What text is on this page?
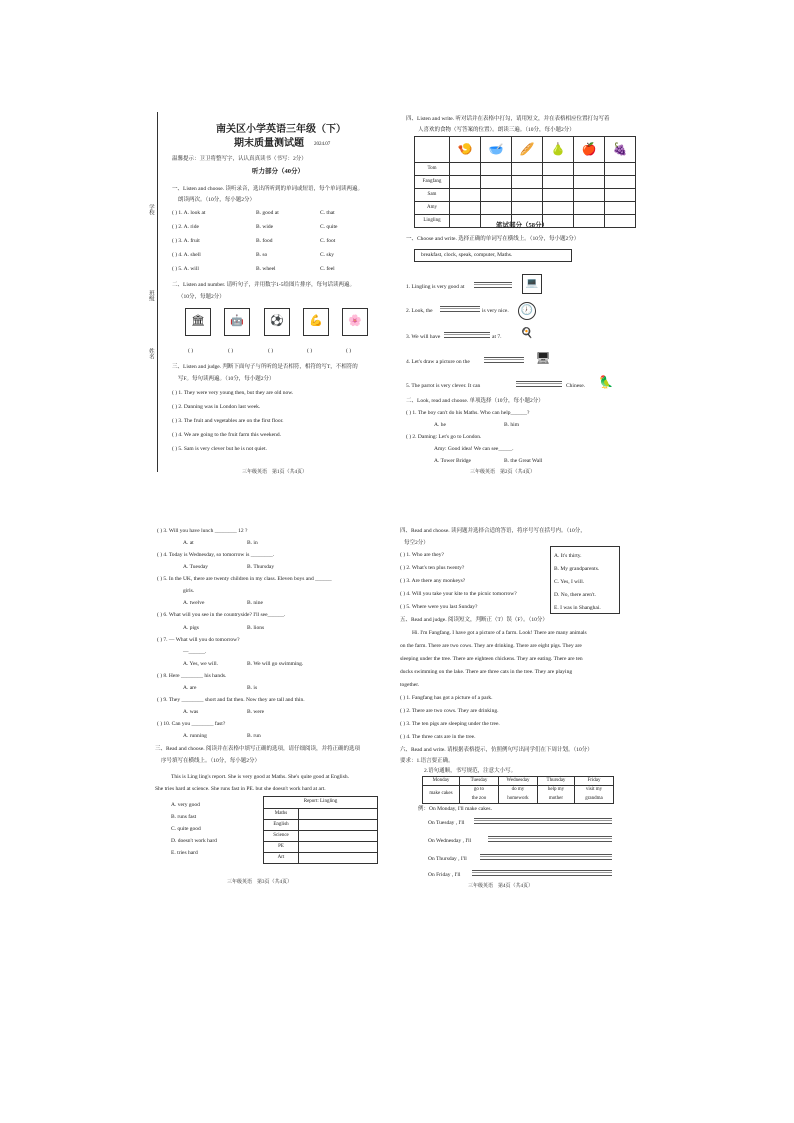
学校
班级
姓名
南关区小学英语三年级（下）
期末质量测试题 2024.07
温馨提示：卫卫将整写字，认认真真读书（书写：2分）
听力部分（40分）
一、Listen and choose. 读听录音，选出所听到的单词或短语，每个单词读两遍。
朗读两次。（10分，每小题2分）
( ) 1. A. look at	B. good at	C. that
( ) 2. A. ride	B. wide	C. quite
( ) 3. A. fruit	B. food	C. foot
( ) 4. A. shell	B. so	C. sky
( ) 5. A. will	B. wheel	C. feel
二、Listen and number. 请听句子，并用数字1-5给图片排序，每句话读两遍。
（10分，每题2分）
🏛	🤖	⚽	💪	🌸
( )	( )	( )	( )	( )
三、Listen and judge. 判断下面句子与所听的是否相符，相符的写T，不相符的
写F。每句读两遍。（10分，每小题2分）
( ) 1. They were very young then, but they are old now.
( ) 2. Danning was in London last week.
( ) 3. The fruit and vegetables are on the first floor.
( ) 4. We are going to the fruit farm this weekend.
( ) 5. Sam is very clever but he is not quiet.
三年级英语　第1页（共4页）
四、Listen and write. 听对话并在表格中打勾，请用短文，并在表格相应位置打勾写着
人喜欢的食物（写答案的位置）。朗读三遍。（10分，每小题2分）
	🍤	🥣	🥖	🍐	🍎	🍇
Tom						
Fangfang						
Sam						
Amy						
Lingling						
笔试部分（58分）
一、Choose and write. 选择正确的单词写在横线上。（10分，每小题2分）
breakfast, clock, speak, computer, Maths.
1. Lingling is very good at	💻
2. Look, the	is very nice. 🕖
3. We will have	at 7. 🍳
4. Let's draw a picture on the	🖥
5. The parrot is very clever. It can	Chinese. 🦜
二、Look, read and choose. 单项选择（10分，每小题2分）
( ) 1. The boy can't do his Maths. Who can help______?
A. he	B. him
( ) 2. Daming: Let's go to London.
Amy: Good idea! We can see_____.
A. Tower Bridge	B. the Great Wall
三年级英语　第2页（共4页）
( ) 3. Will you have lunch ________ 12 ?
A. at	B. in
( ) 4. Today is Wednesday, so tomorrow is ________.
A. Tuesday	B. Thursday
( ) 5. In the UK, there are twenty children in my class. Eleven boys and ______
girls.
A. twelve	B. nine
( ) 6. What will you see in the countryside? I'll see______.
A. pigs	B. lions
( ) 7. — What will you do tomorrow?
—______.
A. Yes, we will.	B. We will go swimming.
( ) 8. Here ________ his hands.
A. are	B. is
( ) 9. They ________ short and fat then. Now they are tall and thin.
A. was	B. were
( ) 10. Can you ________ fast?
A. running	B. run
三、Read and choose. 阅读并在表格中填写正确的选项，请仔细阅读，并将正确的选项
序号填写在横线上。（10分，每小题2分）
This is Ling ling's report. She is very good at Maths. She's quite good at English.
She tries hard at science. She runs fast in PE. but she doesn't work hard at art.
A. very good
B. runs fast
C. quite good
D. doesn't work hard
E. tries hard
Report: Lingling	
Maths	
English	
Science	
PE	
Art	
三年级英语　第3页（共4页）
四、Read and choose. 读问题并选择合适的答语，将序号写在括号内。（10分，
每空2分）
( ) 1. Who are they?
( ) 2. What's ten plus twenty?
( ) 3. Are there any monkeys?
( ) 4. Will you take your kite to the picnic tomorrow?
( ) 5. Where were you last Sunday?
A. It's thirty.
B. My grandparents.
C. Yes, I will.
D. No, there aren't.
E. I was in Shanghai.
五、Read and judge. 阅读短文，判断正（T）误（F）。（10分）
Hi. I'm Fangfang. I have got a picture of a farm. Look! There are many animals
on the farm. There are two cows. They are drinking. There are eight pigs. They are
sleeping under the tree. There are eighteen chickens. They are eating. There are ten
ducks swimming on the lake. There are three cats in the tree. They are playing
together.
( ) 1. Fangfang has got a picture of a park.
( ) 2. There are two cows. They are drinking.
( ) 3. The ten pigs are sleeping under the tree.
( ) 4. The three cats are in the tree.
六、Read and write. 请根据表格提示，仿照例句写出同学们在下周计划。（10分）
要求：1.语言要正确。
2.语句通顺，书写规范，注意大小写。
Monday	Tuesday	Wednesday	Thursday	Friday
make cakes	go to	do my	help my	visit my
	the zoo	homework	mother	grandma
例：On Monday, I'll make cakes.
On Tuesday , I'll
On Wednesday , I'll
On Thursday , I'll
On Friday , I'll
三年级英语　第4页（共4页）
